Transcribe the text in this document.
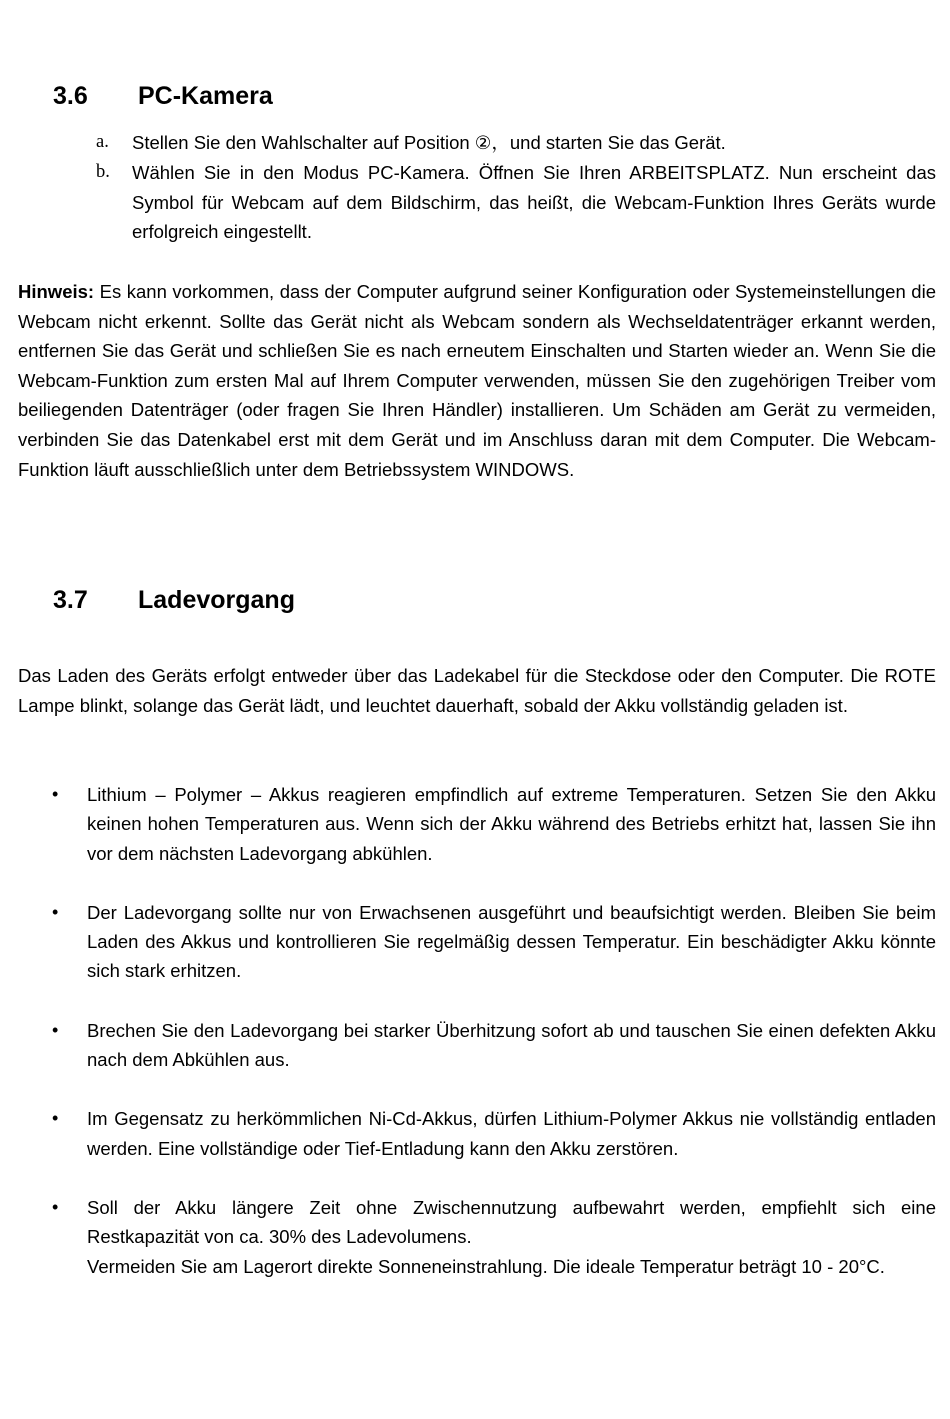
3.6	PC-Kamera
a.	Stellen Sie den Wahlschalter auf Position ②，und starten Sie das Gerät.
b.	Wählen Sie in den Modus PC-Kamera. Öffnen Sie Ihren ARBEITSPLATZ. Nun erscheint das Symbol für Webcam auf dem Bildschirm, das heißt, die Webcam-Funktion Ihres Geräts wurde erfolgreich eingestellt.
Hinweis: Es kann vorkommen, dass der Computer aufgrund seiner Konfiguration oder Systemeinstellungen die Webcam nicht erkennt. Sollte das Gerät nicht als Webcam sondern als Wechseldatenträger erkannt werden, entfernen Sie das Gerät und schließen Sie es nach erneutem Einschalten und Starten wieder an. Wenn Sie die Webcam-Funktion zum ersten Mal auf Ihrem Computer verwenden, müssen Sie den zugehörigen Treiber vom beiliegenden Datenträger (oder fragen Sie Ihren Händler) installieren. Um Schäden am Gerät zu vermeiden, verbinden Sie das Datenkabel erst mit dem Gerät und im Anschluss daran mit dem Computer. Die Webcam-Funktion läuft ausschließlich unter dem Betriebssystem WINDOWS.
3.7	Ladevorgang
Das Laden des Geräts erfolgt entweder über das Ladekabel für die Steckdose oder den Computer. Die ROTE Lampe blinkt, solange das Gerät lädt, und leuchtet dauerhaft, sobald der Akku vollständig geladen ist.
•	Lithium – Polymer – Akkus reagieren empfindlich auf extreme Temperaturen. Setzen Sie den Akku keinen hohen Temperaturen aus. Wenn sich der Akku während des Betriebs erhitzt hat, lassen Sie ihn vor dem nächsten Ladevorgang abkühlen.
•	Der Ladevorgang sollte nur von Erwachsenen ausgeführt und beaufsichtigt werden. Bleiben Sie beim Laden des Akkus und kontrollieren Sie regelmäßig dessen Temperatur. Ein beschädigter Akku könnte sich stark erhitzen.
•	Brechen Sie den Ladevorgang bei starker Überhitzung sofort ab und tauschen Sie einen defekten Akku nach dem Abkühlen aus.
•	Im Gegensatz zu herkömmlichen Ni-Cd-Akkus, dürfen Lithium-Polymer Akkus nie vollständig entladen werden. Eine vollständige oder Tief-Entladung kann den Akku zerstören.
•	Soll der Akku längere Zeit ohne Zwischennutzung aufbewahrt werden, empfiehlt sich eine Restkapazität von ca. 30% des Ladevolumens.

Vermeiden Sie am Lagerort direkte Sonneneinstrahlung. Die ideale Temperatur beträgt 10 - 20°C.
